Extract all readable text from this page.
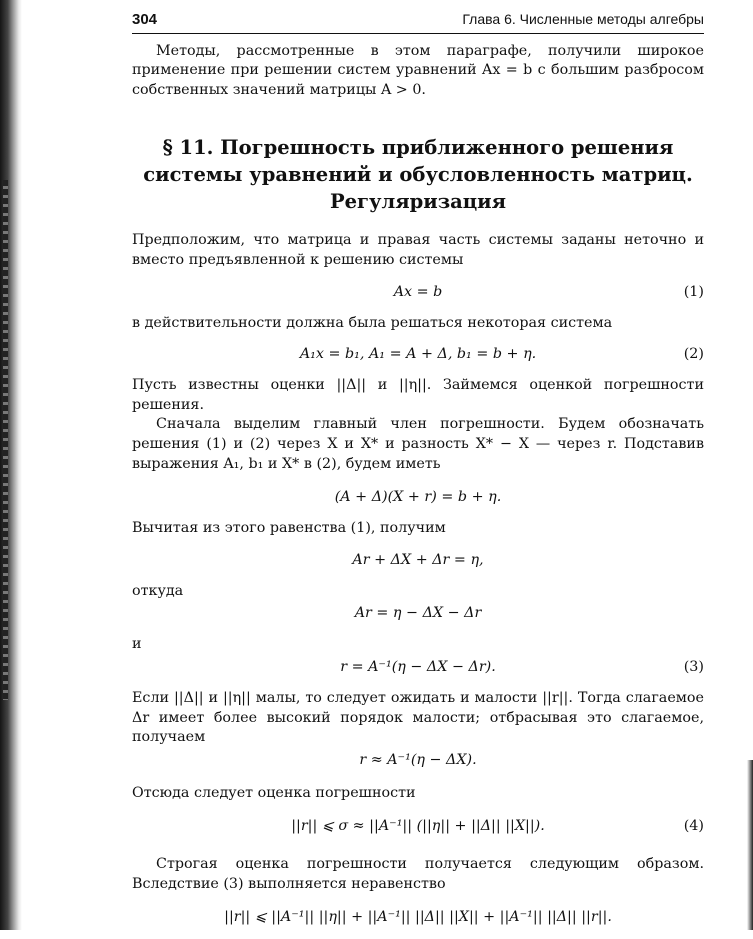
304	Глава 6. Численные методы алгебры

Методы, рассмотренные в этом параграфе, получили широкое применение при решении систем уравнений Ax = b с большим разбросом собственных значений матрицы A > 0.

§ 11. Погрешность приближенного решения системы уравнений и обусловленность матриц. Регуляризация

Предположим, что матрица и правая часть системы заданы неточно и вместо предъявленной к решению системы

Ax = b	(1)

в действительности должна была решаться некоторая система

A₁x = b₁, A₁ = A + Δ, b₁ = b + η.	(2)

Пусть известны оценки ||Δ|| и ||η||. Займемся оценкой погрешности решения.

Сначала выделим главный член погрешности. Будем обозначать решения (1) и (2) через X и X* и разность X* − X — через r. Подставив выражения A₁, b₁ и X* в (2), будем иметь

(A + Δ)(X + r) = b + η.

Вычитая из этого равенства (1), получим

Ar + ΔX + Δr = η,

откуда

Ar = η − ΔX − Δr

и

r = A⁻¹(η − ΔX − Δr).	(3)

Если ||Δ|| и ||η|| малы, то следует ожидать и малости ||r||. Тогда слагаемое Δr имеет более высокий порядок малости; отбрасывая это слагаемое, получаем

r ≈ A⁻¹(η − ΔX).

Отсюда следует оценка погрешности

||r|| ⩽ σ ≈ ||A⁻¹|| (||η|| + ||Δ|| ||X||).	(4)

Строгая оценка погрешности получается следующим образом. Вследствие (3) выполняется неравенство

||r|| ⩽ ||A⁻¹|| ||η|| + ||A⁻¹|| ||Δ|| ||X|| + ||A⁻¹|| ||Δ|| ||r||.
